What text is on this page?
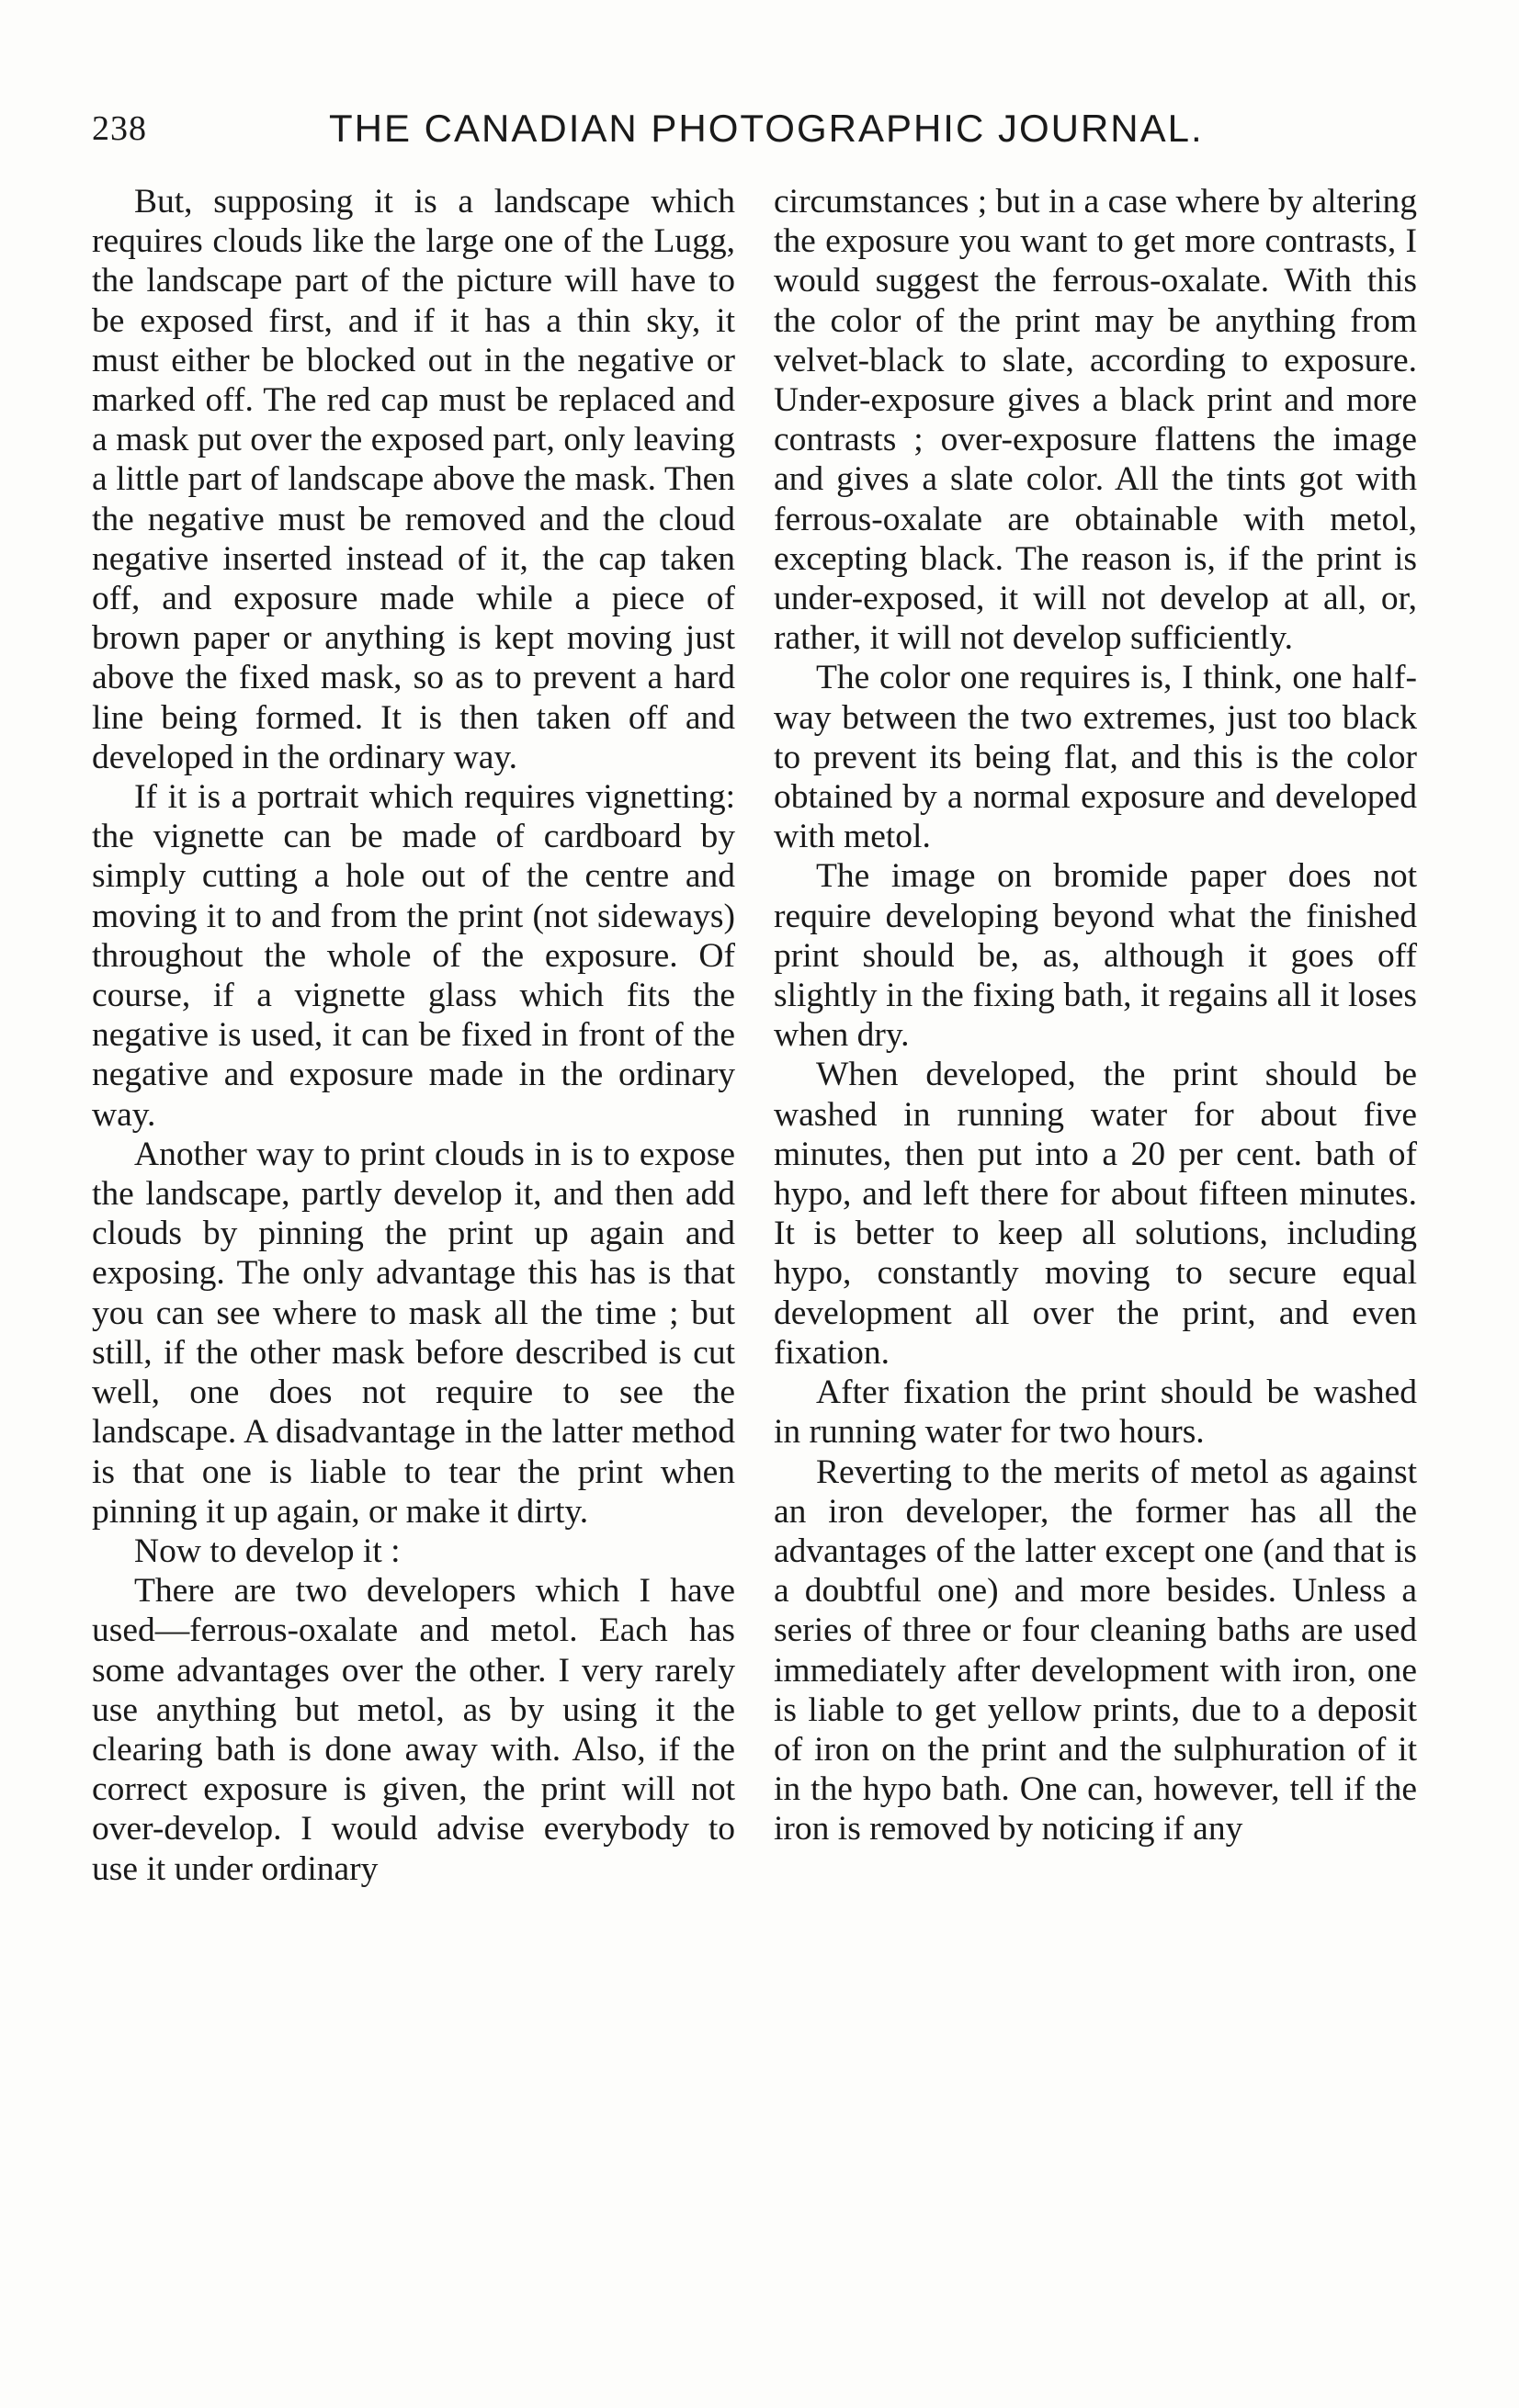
238	THE CANADIAN PHOTOGRAPHIC JOURNAL.

But, supposing it is a landscape which requires clouds like the large one of the Lugg, the landscape part of the picture will have to be exposed first, and if it has a thin sky, it must either be blocked out in the negative or marked off. The red cap must be replaced and a mask put over the exposed part, only leaving a little part of landscape above the mask. Then the negative must be removed and the cloud negative inserted instead of it, the cap taken off, and exposure made while a piece of brown paper or anything is kept moving just above the fixed mask, so as to prevent a hard line being formed. It is then taken off and developed in the ordinary way.

If it is a portrait which requires vignetting: the vignette can be made of cardboard by simply cutting a hole out of the centre and moving it to and from the print (not sideways) throughout the whole of the exposure. Of course, if a vignette glass which fits the negative is used, it can be fixed in front of the negative and exposure made in the ordinary way.

Another way to print clouds in is to expose the landscape, partly develop it, and then add clouds by pinning the print up again and exposing. The only advantage this has is that you can see where to mask all the time ; but still, if the other mask before described is cut well, one does not require to see the landscape. A disadvantage in the latter method is that one is liable to tear the print when pinning it up again, or make it dirty.

Now to develop it :

There are two developers which I have used—ferrous-oxalate and metol. Each has some advantages over the other. I very rarely use anything but metol, as by using it the clearing bath is done away with. Also, if the correct exposure is given, the print will not over-develop. I would advise everybody to use it under ordinary

circumstances ; but in a case where by altering the exposure you want to get more contrasts, I would suggest the ferrous-oxalate. With this the color of the print may be anything from velvet-black to slate, according to exposure. Under-exposure gives a black print and more contrasts ; over-exposure flattens the image and gives a slate color. All the tints got with ferrous-oxalate are obtainable with metol, excepting black. The reason is, if the print is under-exposed, it will not develop at all, or, rather, it will not develop sufficiently.

The color one requires is, I think, one half-way between the two extremes, just too black to prevent its being flat, and this is the color obtained by a normal exposure and developed with metol.

The image on bromide paper does not require developing beyond what the finished print should be, as, although it goes off slightly in the fixing bath, it regains all it loses when dry.

When developed, the print should be washed in running water for about five minutes, then put into a 20 per cent. bath of hypo, and left there for about fifteen minutes. It is better to keep all solutions, including hypo, constantly moving to secure equal development all over the print, and even fixation.

After fixation the print should be washed in running water for two hours.

Reverting to the merits of metol as against an iron developer, the former has all the advantages of the latter except one (and that is a doubtful one) and more besides. Unless a series of three or four cleaning baths are used immediately after development with iron, one is liable to get yellow prints, due to a deposit of iron on the print and the sulphuration of it in the hypo bath. One can, however, tell if the iron is removed by noticing if any
